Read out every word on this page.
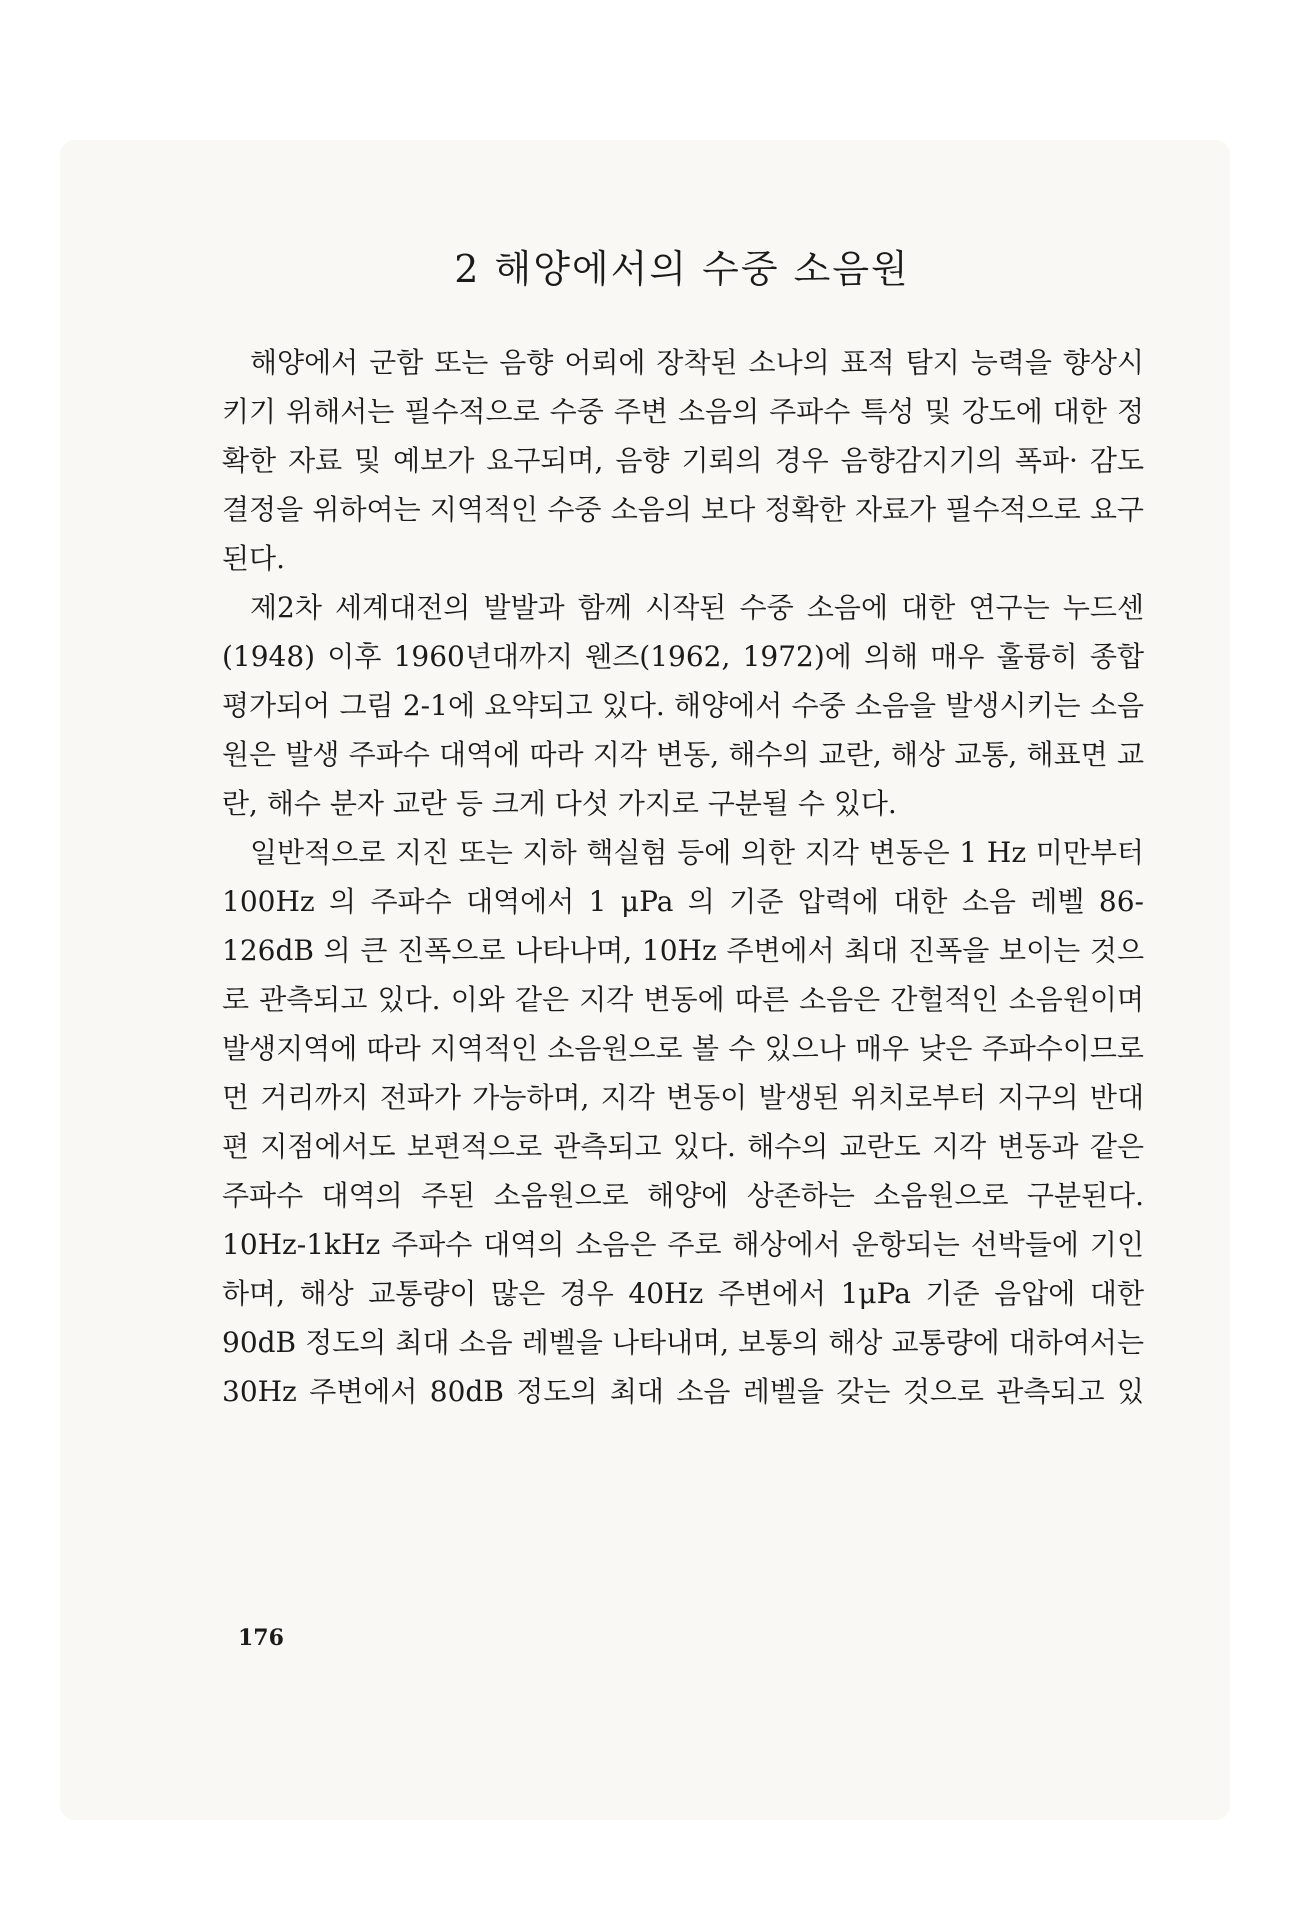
2 해양에서의 수중 소음원

해양에서 군함 또는 음향 어뢰에 장착된 소나의 표적 탐지 능력을 향상시키기 위해서는 필수적으로 수중 주변 소음의 주파수 특성 및 강도에 대한 정확한 자료 및 예보가 요구되며, 음향 기뢰의 경우 음향감지기의 폭파· 감도 결정을 위하여는 지역적인 수중 소음의 보다 정확한 자료가 필수적으로 요구된다.

제2차 세계대전의 발발과 함께 시작된 수중 소음에 대한 연구는 누드센(1948) 이후 1960년대까지 웬즈(1962, 1972)에 의해 매우 훌륭히 종합 평가되어 그림 2-1에 요약되고 있다. 해양에서 수중 소음을 발생시키는 소음원은 발생 주파수 대역에 따라 지각 변동, 해수의 교란, 해상 교통, 해표면 교란, 해수 분자 교란 등 크게 다섯 가지로 구분될 수 있다.

일반적으로 지진 또는 지하 핵실험 등에 의한 지각 변동은 1 Hz 미만부터 100Hz 의 주파수 대역에서 1 μPa 의 기준 압력에 대한 소음 레벨 86-126dB 의 큰 진폭으로 나타나며, 10Hz 주변에서 최대 진폭을 보이는 것으로 관측되고 있다. 이와 같은 지각 변동에 따른 소음은 간헐적인 소음원이며 발생지역에 따라 지역적인 소음원으로 볼 수 있으나 매우 낮은 주파수이므로 먼 거리까지 전파가 가능하며, 지각 변동이 발생된 위치로부터 지구의 반대편 지점에서도 보편적으로 관측되고 있다. 해수의 교란도 지각 변동과 같은 주파수 대역의 주된 소음원으로 해양에 상존하는 소음원으로 구분된다. 10Hz-1kHz 주파수 대역의 소음은 주로 해상에서 운항되는 선박들에 기인하며, 해상 교통량이 많은 경우 40Hz 주변에서 1μPa 기준 음압에 대한 90dB 정도의 최대 소음 레벨을 나타내며, 보통의 해상 교통량에 대하여서는 30Hz 주변에서 80dB 정도의 최대 소음 레벨을 갖는 것으로 관측되고 있

176
